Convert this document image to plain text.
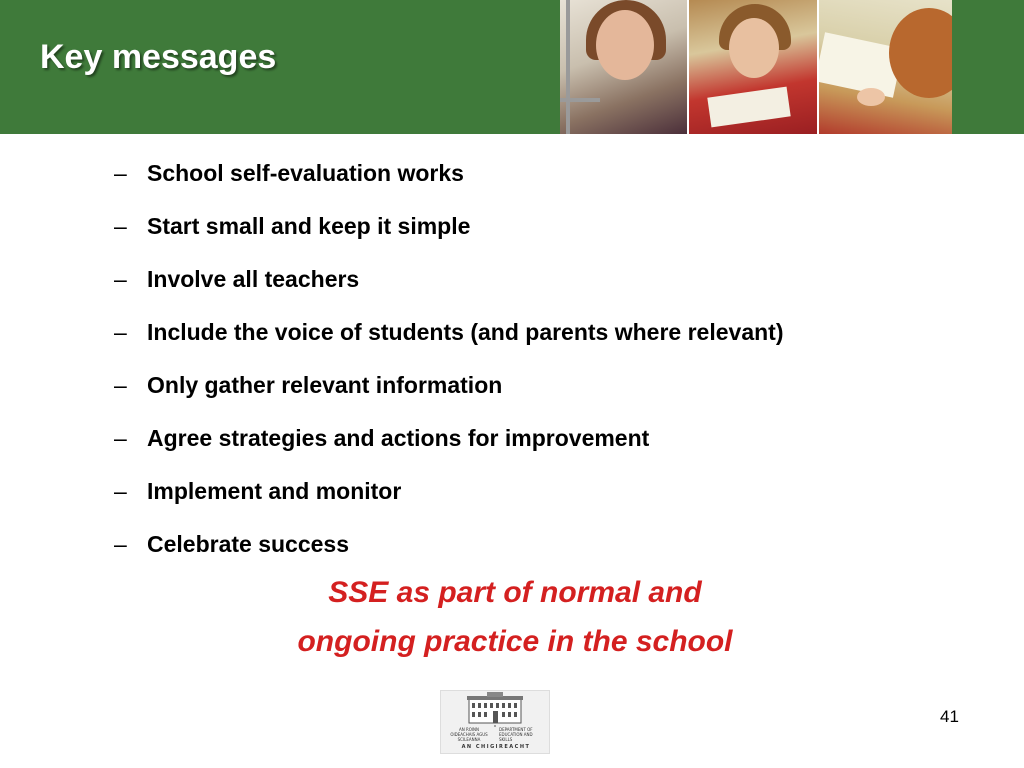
Key messages
– School self-evaluation works
– Start small and keep it simple
– Involve all teachers
– Include the voice of students (and parents where relevant)
– Only gather relevant information
– Agree strategies and actions for improvement
– Implement and monitor
– Celebrate success
SSE as part of normal and
ongoing practice in the school
AN ROINN OIDEACHAIS AGUS SCILEANNA
DEPARTMENT OF EDUCATION AND SKILLS
AN CHIGIREACHT
41
